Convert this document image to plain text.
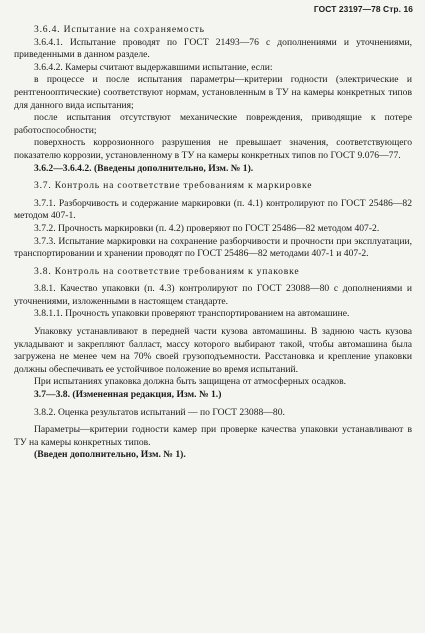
ГОСТ 23197—78 Стр. 16

3.6.4. Испытание на сохраняемость

3.6.4.1. Испытание проводят по ГОСТ 21493—76 с дополнениями и уточнениями, приведенными в данном разделе.

3.6.4.2. Камеры считают выдержавшими испытание, если:

в процессе и после испытания параметры—критерии годности (электрические и рентгенооптические) соответствуют нормам, установленным в ТУ на камеры конкретных типов для данного вида испытания;

после испытания отсутствуют механические повреждения, приводящие к потере работоспособности;

поверхность коррозионного разрушения не превышает значения, соответствующего показателю коррозии, установленному в ТУ на камеры конкретных типов по ГОСТ 9.076—77.

3.6.2—3.6.4.2. (Введены дополнительно, Изм. № 1).

3.7. Контроль на соответствие требованиям к маркировке

3.7.1. Разборчивость и содержание маркировки (п. 4.1) контролируют по ГОСТ 25486—82 методом 407-1.

3.7.2. Прочность маркировки (п. 4.2) проверяют по ГОСТ 25486—82 методом 407-2.

3.7.3. Испытание маркировки на сохранение разборчивости и прочности при эксплуатации, транспортировании и хранении проводят по ГОСТ 25486—82 методами 407-1 и 407-2.

3.8. Контроль на соответствие требованиям к упаковке

3.8.1. Качество упаковки (п. 4.3) контролируют по ГОСТ 23088—80 с дополнениями и уточнениями, изложенными в настоящем стандарте.

3.8.1.1. Прочность упаковки проверяют транспортированием на автомашине.

Упаковку устанавливают в передней части кузова автомашины. В заднюю часть кузова укладывают и закрепляют балласт, массу которого выбирают такой, чтобы автомашина была загружена не менее чем на 70% своей грузоподъемности. Расстановка и крепление упаковки должны обеспечивать ее устойчивое положение во время испытаний.

При испытаниях упаковка должна быть защищена от атмосферных осадков.

3.7—3.8. (Измененная редакция, Изм. № 1.)

3.8.2. Оценка результатов испытаний — по ГОСТ 23088—80.

Параметры—критерии годности камер при проверке качества упаковки устанавливают в ТУ на камеры конкретных типов.

(Введен дополнительно, Изм. № 1).
